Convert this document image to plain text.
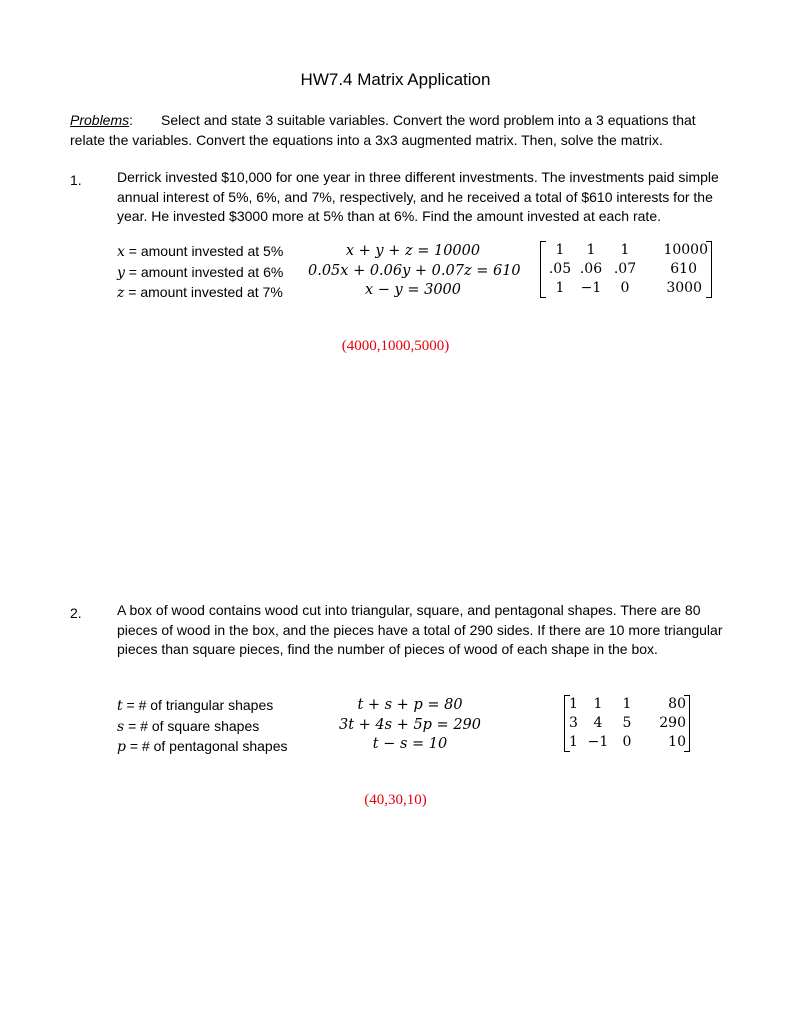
HW7.4 Matrix Application
Problems: Select and state 3 suitable variables. Convert the word problem into a 3 equations that relate the variables. Convert the equations into a 3x3 augmented matrix. Then, solve the matrix.
1.	Derrick invested $10,000 for one year in three different investments. The investments paid simple annual interest of 5%, 6%, and 7%, respectively, and he received a total of $610 interests for the year. He invested $3000 more at 5% than at 6%. Find the amount invested at each rate.
x = amount invested at 5%
y = amount invested at 6%
z = amount invested at 7%
x + y + z = 10000
0.05x + 0.06y + 0.07z = 610
x − y = 3000
1	1	1	10000
.05	.06	.07	610
1	−1	0	3000
(4000,1000,5000)
2.	A box of wood contains wood cut into triangular, square, and pentagonal shapes. There are 80 pieces of wood in the box, and the pieces have a total of 290 sides. If there are 10 more triangular pieces than square pieces, find the number of pieces of wood of each shape in the box.
t = # of triangular shapes
s = # of square shapes
p = # of pentagonal shapes
t + s + p = 80
3t + 4s + 5p = 290
t − s = 10
1	1	1	80
3	4	5	290
1	−1	0	10
(40,30,10)
